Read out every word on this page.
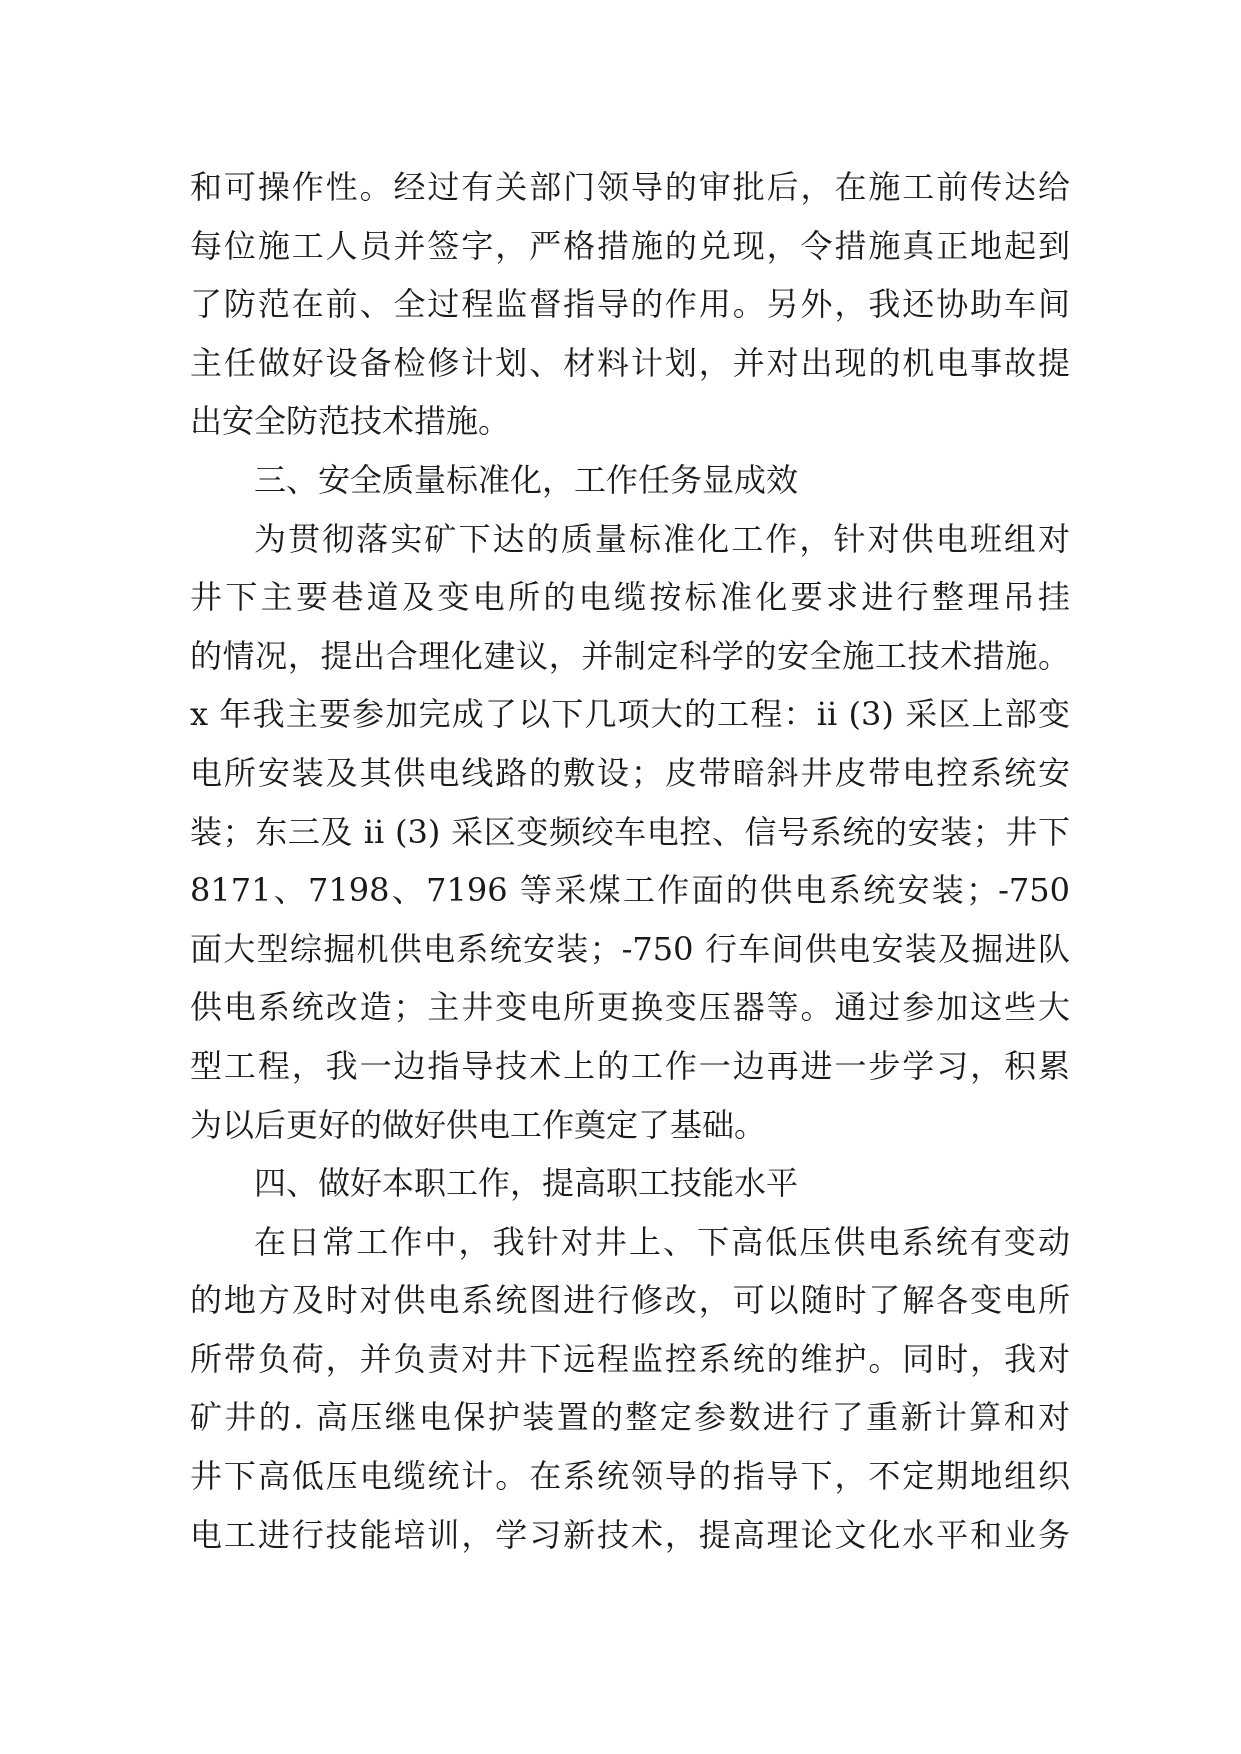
和可操作性。经过有关部门领导的审批后，在施工前传达给
每位施工人员并签字，严格措施的兑现，令措施真正地起到
了防范在前、全过程监督指导的作用。另外，我还协助车间
主任做好设备检修计划、材料计划，并对出现的机电事故提
出安全防范技术措施。
三、安全质量标准化，工作任务显成效
为贯彻落实矿下达的质量标准化工作，针对供电班组对
井下主要巷道及变电所的电缆按标准化要求进行整理吊挂
的情况，提出合理化建议，并制定科学的安全施工技术措施。
x 年我主要参加完成了以下几项大的工程：ii (3) 采区上部变
电所安装及其供电线路的敷设；皮带暗斜井皮带电控系统安
装；东三及 ii (3) 采区变频绞车电控、信号系统的安装；井下
8171、7198、7196 等采煤工作面的供电系统安装；-750
面大型综掘机供电系统安装；-750 行车间供电安装及掘进队
供电系统改造；主井变电所更换变压器等。通过参加这些大
型工程，我一边指导技术上的工作一边再进一步学习，积累
为以后更好的做好供电工作奠定了基础。
四、做好本职工作，提高职工技能水平
在日常工作中，我针对井上、下高低压供电系统有变动
的地方及时对供电系统图进行修改，可以随时了解各变电所
所带负荷，并负责对井下远程监控系统的维护。同时，我对
矿井的. 高压继电保护装置的整定参数进行了重新计算和对
井下高低压电缆统计。在系统领导的指导下，不定期地组织
电工进行技能培训，学习新技术，提高理论文化水平和业务
